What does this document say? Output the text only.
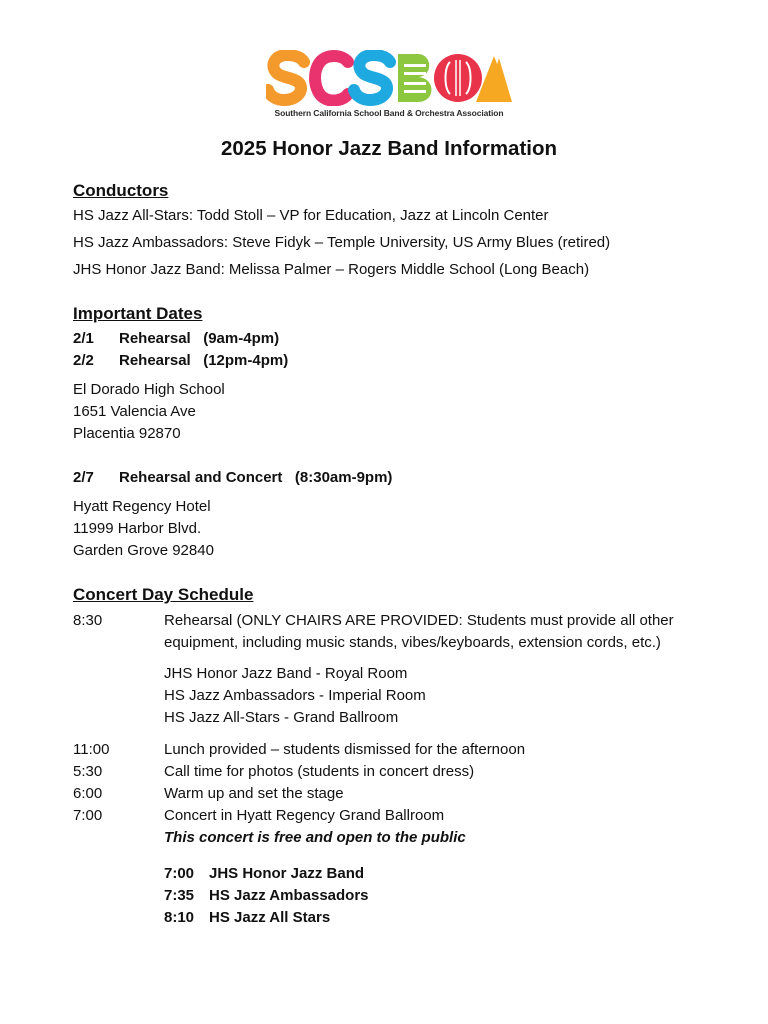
Southern California School Band & Orchestra Association
2025 Honor Jazz Band Information
Conductors
HS Jazz All-Stars: Todd Stoll – VP for Education, Jazz at Lincoln Center
HS Jazz Ambassadors: Steve Fidyk – Temple University, US Army Blues (retired)
JHS Honor Jazz Band: Melissa Palmer – Rogers Middle School (Long Beach)
Important Dates
2/1 Rehearsal   (9am-4pm)
2/2 Rehearsal   (12pm-4pm)
El Dorado High School
1651 Valencia Ave
Placentia 92870
2/7 Rehearsal and Concert   (8:30am-9pm)
Hyatt Regency Hotel
11999 Harbor Blvd.
Garden Grove 92840
Concert Day Schedule
8:30	Rehearsal (ONLY CHAIRS ARE PROVIDED: Students must provide all other
equipment, including music stands, vibes/keyboards, extension cords, etc.)
JHS Honor Jazz Band - Royal Room
HS Jazz Ambassadors - Imperial Room
HS Jazz All-Stars - Grand Ballroom
11:00	Lunch provided – students dismissed for the afternoon
5:30	Call time for photos (students in concert dress)
6:00	Warm up and set the stage
7:00	Concert in Hyatt Regency Grand Ballroom
This concert is free and open to the public
7:00 JHS Honor Jazz Band
7:35 HS Jazz Ambassadors
8:10 HS Jazz All Stars
